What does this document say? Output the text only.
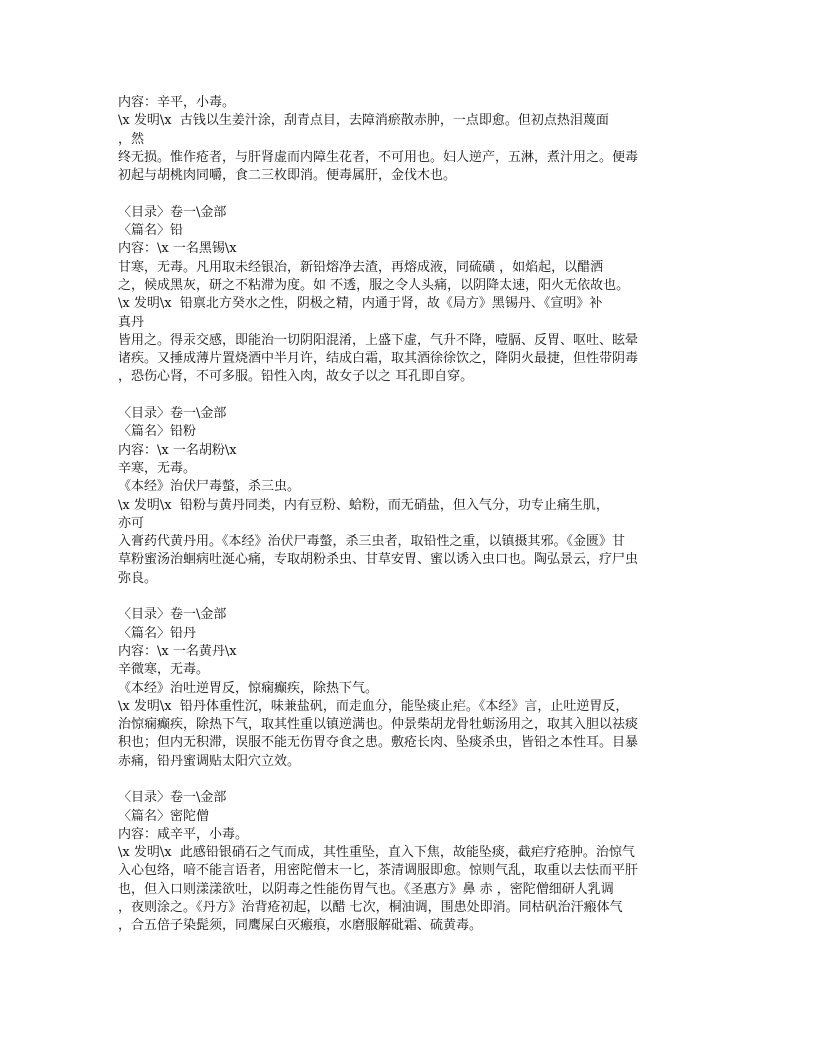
内容：辛平，小毒。
\x 发明\x  古钱以生姜汁涂，刮青点目，去障消瘀散赤肿，一点即愈。但初点热泪蔑面
，然
终无损。惟作疮者，与肝肾虚而内障生花者，不可用也。妇人逆产，五淋，煮汁用之。便毒
初起与胡桃肉同嚼，食二三枚即消。便毒属肝，金伐木也。
〈目录〉卷一\金部
〈篇名〉铅
内容：\x 一名黑锡\x
甘寒，无毒。凡用取未经银冶，新铅熔净去渣，再熔成液，同硫磺 ，如焰起，以醋洒
之，候成黑灰，研之不粘滞为度。如 不透，服之令人头痛，以阴降太速，阳火无依故也。
\x 发明\x  铅禀北方癸水之性，阴极之精，内通于肾，故《局方》黑锡丹、《宣明》补
真丹
皆用之。得汞交感，即能治一切阴阳混淆，上盛下虚，气升不降，噎膈、反胃、呕吐、眩晕
诸疾。又捶成薄片置烧酒中半月许，结成白霜，取其酒徐徐饮之，降阴火最捷，但性带阴毒
，恐伤心肾，不可多服。铅性入肉，故女子以之 耳孔即自穿。
〈目录〉卷一\金部
〈篇名〉铅粉
内容：\x 一名胡粉\x
辛寒，无毒。
《本经》治伏尸毒螫，杀三虫。
\x 发明\x  铅粉与黄丹同类，内有豆粉、蛤粉，而无硝盐，但入气分，功专止痛生肌，
亦可
入膏药代黄丹用。《本经》治伏尸毒螫，杀三虫者，取铅性之重，以镇摄其邪。《金匮》甘
草粉蜜汤治蛔病吐涎心痛，专取胡粉杀虫、甘草安胃、蜜以诱入虫口也。陶弘景云，疗尸虫
弥良。
〈目录〉卷一\金部
〈篇名〉铅丹
内容：\x 一名黄丹\x
辛微寒，无毒。
《本经》治吐逆胃反，惊痫癫疾，除热下气。
\x 发明\x  铅丹体重性沉，味兼盐矾，而走血分，能坠痰止疟。《本经》言，止吐逆胃反，
治惊痫癫疾，除热下气，取其性重以镇逆满也。仲景柴胡龙骨牡蛎汤用之，取其入胆以祛痰
积也；但内无积滞，误服不能无伤胃夺食之患。敷疮长肉、坠痰杀虫，皆铅之本性耳。目暴
赤痛，铅丹蜜调贴太阳穴立效。
〈目录〉卷一\金部
〈篇名〉密陀僧
内容：咸辛平，小毒。
\x 发明\x  此感铅银硝石之气而成，其性重坠，直入下焦，故能坠痰，截疟疗疮肿。治惊气
入心包络，喑不能言语者，用密陀僧末一匕，茶清调服即愈。惊则气乱，取重以去怯而平肝
也，但入口则漾漾欲吐，以阴毒之性能伤胃气也。《圣惠方》鼻 赤 ，密陀僧细研人乳调
，夜则涂之。《丹方》治背疮初起，以醋 七次，桐油调，围患处即消。同枯矾治汗瘢体气
，合五倍子染髭须，同鹰屎白灭瘢痕，水磨服解砒霜、硫黄毒。
